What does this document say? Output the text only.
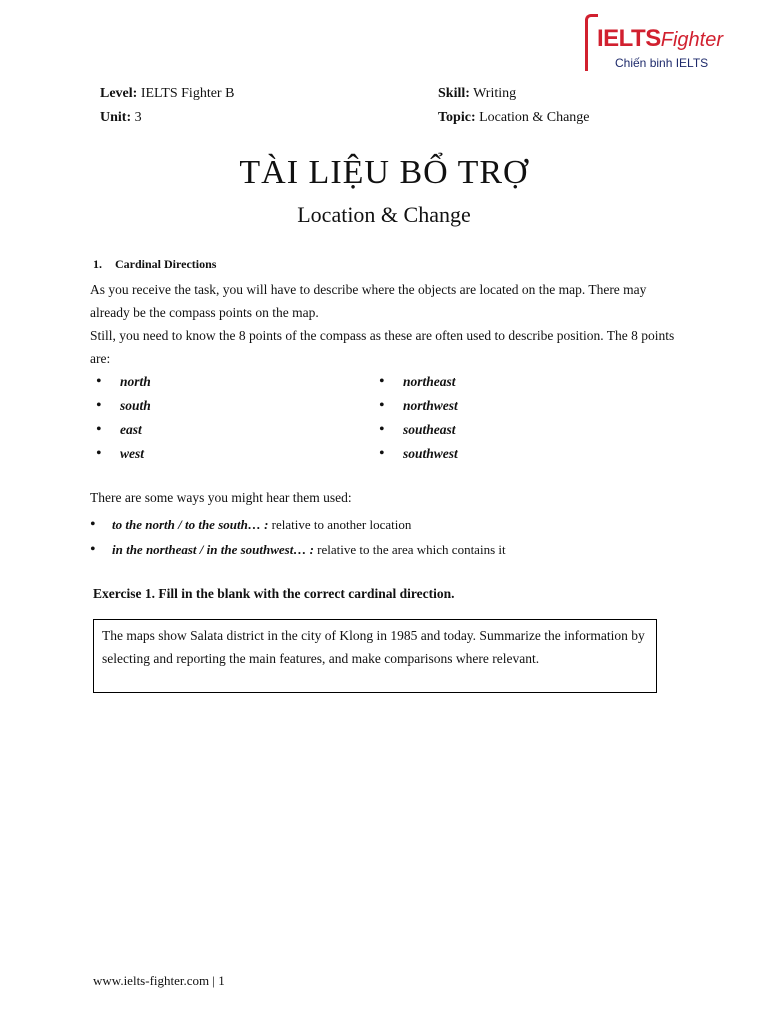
IELTSFighter
Chiến binh IELTS
Level: IELTS Fighter B
Unit: 3
Skill: Writing
Topic: Location & Change
TÀI LIỆU BỔ TRỢ
Location & Change
1. Cardinal Directions

As you receive the task, you will have to describe where the objects are located on the map. There may already be the compass points on the map.

Still, you need to know the 8 points of the compass as these are often used to describe position. The 8 points are:

• north
• south
• east
• west
• northeast
• northwest
• southeast
• southwest
There are some ways you might hear them used:
• to the north / to the south… : relative to another location
• in the northeast / in the southwest… : relative to the area which contains it
Exercise 1. Fill in the blank with the correct cardinal direction.
The maps show Salata district in the city of Klong in 1985 and today. Summarize the information by selecting and reporting the main features, and make comparisons where relevant.
www.ielts-fighter.com | 1
